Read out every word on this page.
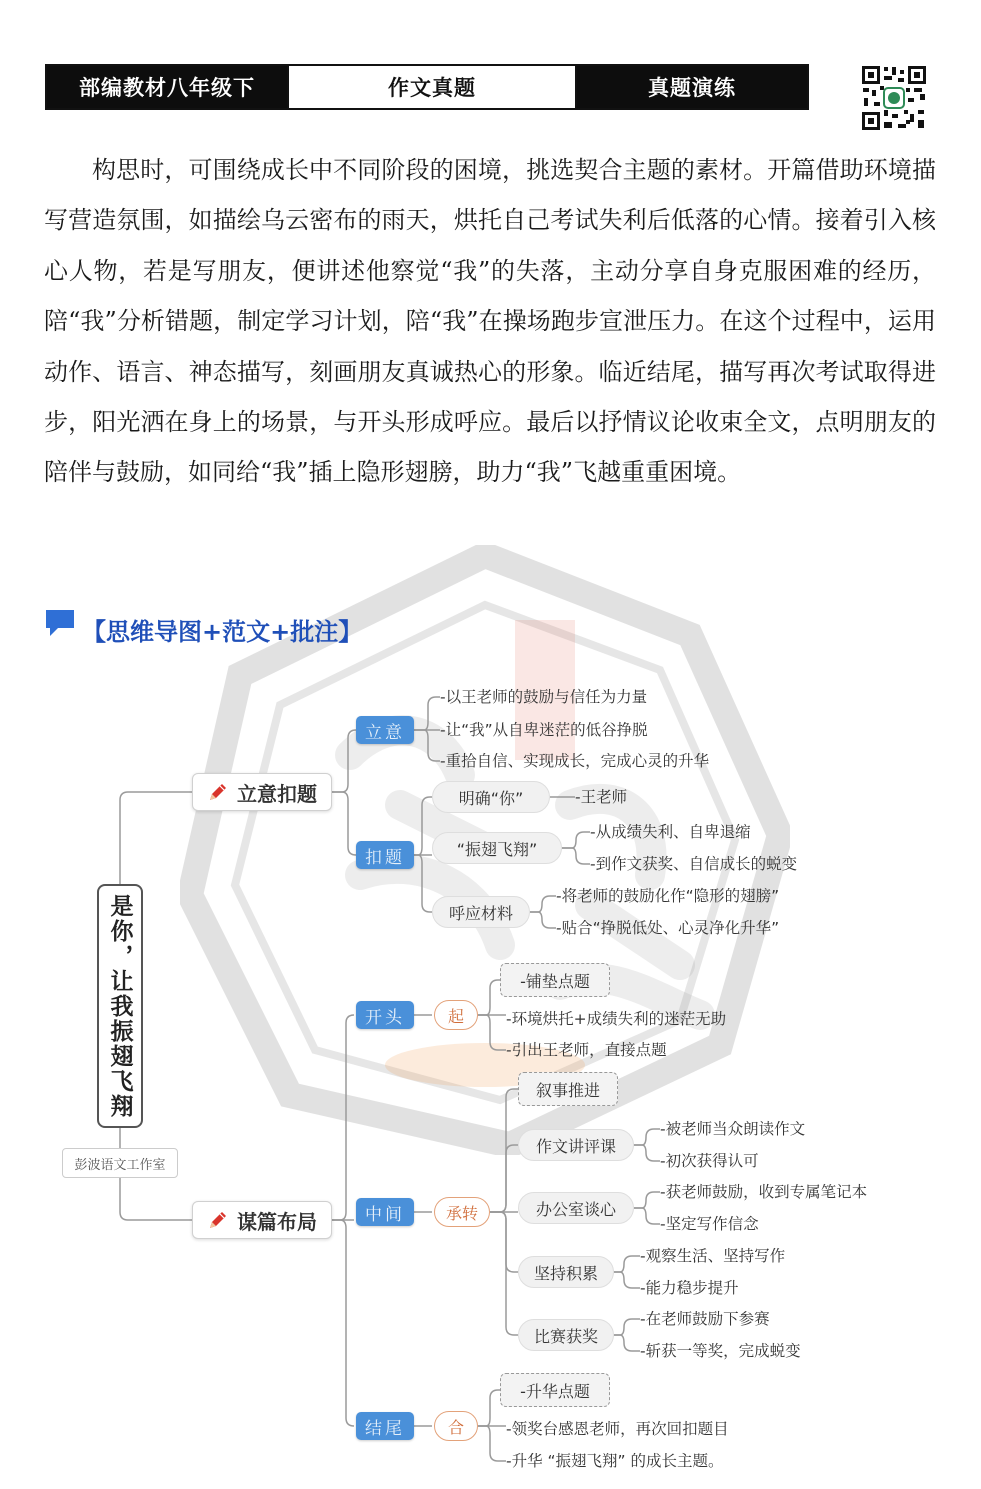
部编教材八年级下	作文真题	真题演练

构思时，可围绕成长中不同阶段的困境，挑选契合主题的素材。开篇借助环境描写营造氛围，如描绘乌云密布的雨天，烘托自己考试失利后低落的心情。接着引入核心人物，若是写朋友，便讲述他察觉“我”的失落，主动分享自身克服困难的经历，陪“我”分析错题，制定学习计划，陪“我”在操场跑步宣泄压力。在这个过程中，运用动作、语言、神态描写，刻画朋友真诚热心的形象。临近结尾，描写再次考试取得进步，阳光洒在身上的场景，与开头形成呼应。最后以抒情议论收束全文，点明朋友的陪伴与鼓励，如同给“我”插上隐形翅膀，助力“我”飞越重重困境。

【思维导图+范文+批注】
是你，让我振翅飞翔
彭波语文工作室
立意扣题
立意
-以王老师的鼓励与信任为力量
-让“我”从自卑迷茫的低谷挣脱
-重拾自信、实现成长，完成心灵的升华
扣题
明确“你”	-王老师
“振翅飞翔”
-从成绩失利、自卑退缩
-到作文获奖、自信成长的蜕变
呼应材料
-将老师的鼓励化作“隐形的翅膀”
-贴合“挣脱低处、心灵净化升华”
谋篇布局
开头	起
-铺垫点题
-环境烘托+成绩失利的迷茫无助
-引出王老师，直接点题
中间	承转
叙事推进
作文讲评课
-被老师当众朗读作文
-初次获得认可
办公室谈心
-获老师鼓励，收到专属笔记本
-坚定写作信念
坚持积累
-观察生活、坚持写作
-能力稳步提升
比赛获奖
-在老师鼓励下参赛
-斩获一等奖，完成蜕变
结尾	合
-升华点题
-领奖台感恩老师，再次回扣题目
-升华 “振翅飞翔” 的成长主题。
